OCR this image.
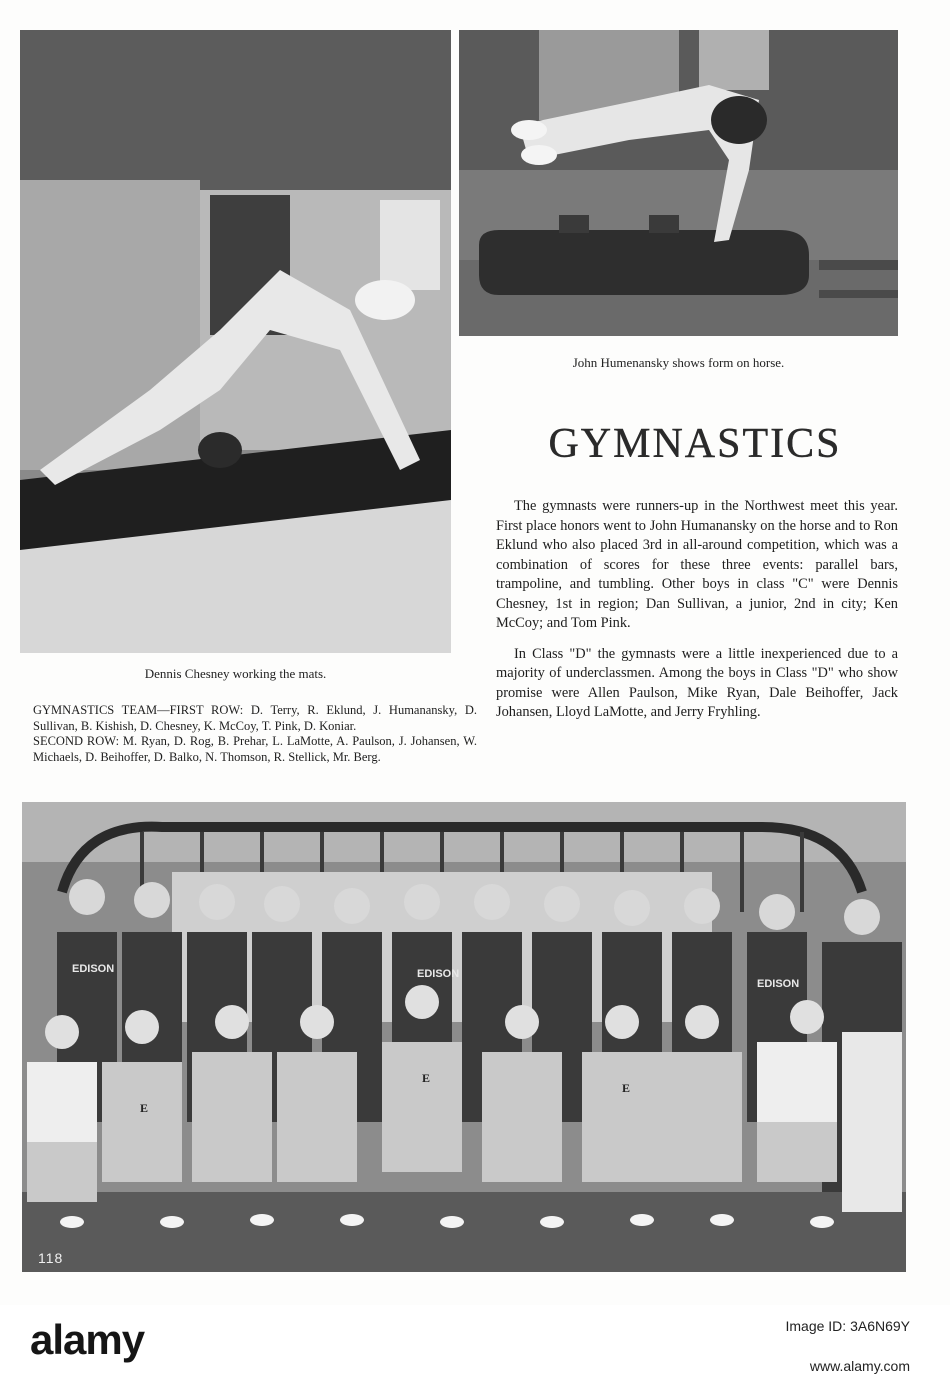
Dennis Chesney working the mats.
John Humenansky shows form on horse.
GYMNASTICS

The gymnasts were runners-up in the Northwest meet this year. First place honors went to John Humanansky on the horse and to Ron Eklund who also placed 3rd in all-around competition, which was a combination of scores for these three events: parallel bars, trampoline, and tumbling. Other boys in class "C" were Dennis Chesney, 1st in region; Dan Sullivan, a junior, 2nd in city; Ken McCoy; and Tom Pink.

In Class "D" the gymnasts were a little inexperienced due to a majority of underclassmen. Among the boys in Class "D" who show promise were Allen Paulson, Mike Ryan, Dale Beihoffer, Jack Johansen, Lloyd LaMotte, and Jerry Fryhling.

GYMNASTICS TEAM—FIRST ROW: D. Terry, R. Eklund, J. Humanansky, D. Sullivan, B. Kishish, D. Chesney, K. McCoy, T. Pink, D. Koniar.

SECOND ROW: M. Ryan, D. Rog, B. Prehar, L. LaMotte, A. Paulson, J. Johansen, W. Michaels, D. Beihoffer, D. Balko, N. Thomson, R. Stellick, Mr. Berg.

EDISON	EDISON
EDISON
E
E
E
118
alamy	Image ID: 3A6N69Y
www.alamy.com
